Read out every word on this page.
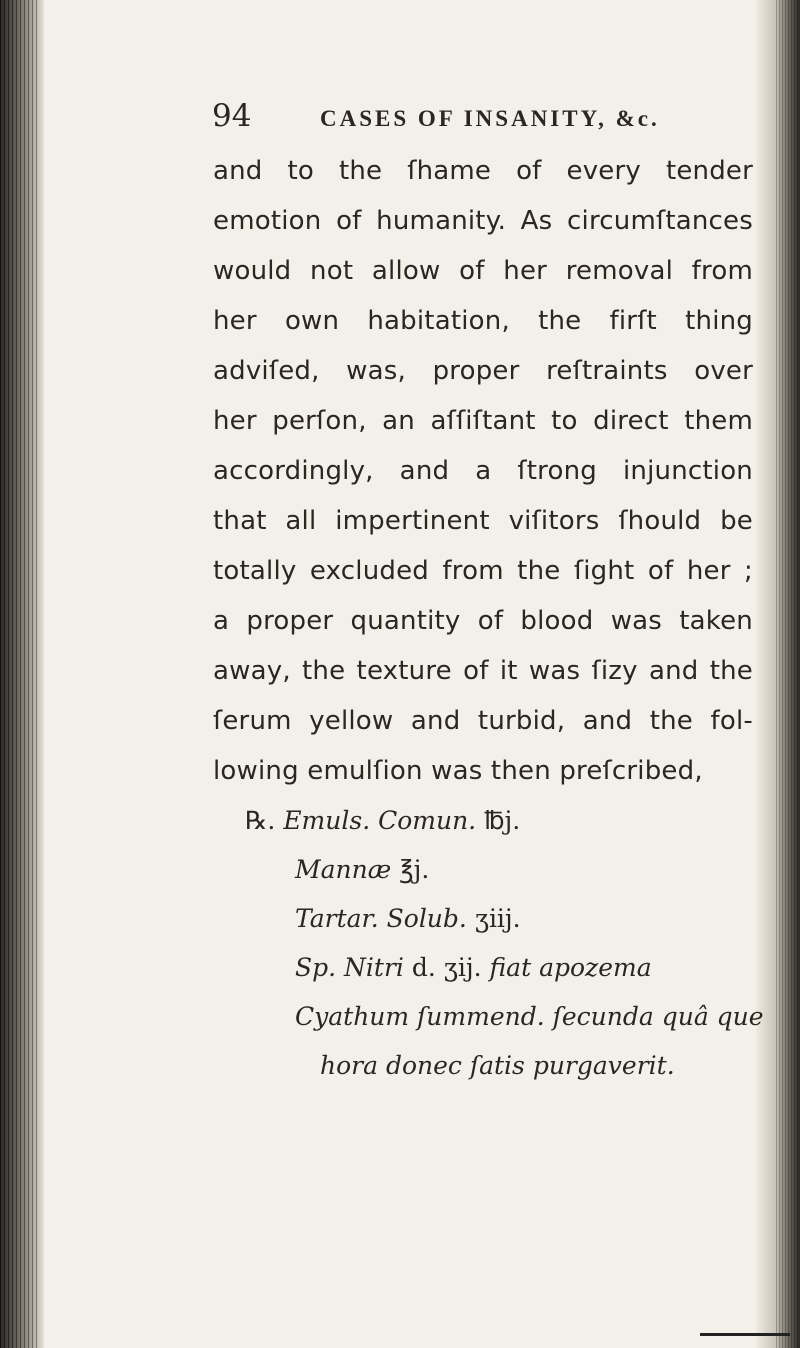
94	CASES OF INSANITY, &c.
and to the ſhame of every tender
emotion of humanity. As circumſtances
would not allow of her removal from
her own habitation, the firſt thing
adviſed, was, proper reſtraints over
her perſon, an aſſiſtant to direct them
accordingly, and a ſtrong injunction
that all impertinent viſitors ſhould be
totally excluded from the ſight of her ;
a proper quantity of blood was taken
away, the texture of it was ſizy and the
ſerum yellow and turbid, and the fol-
lowing emulſion was then preſcribed,
℞. Emuls. Comun. ℔j.
Mannæ ℥j.
Tartar. Solub. ʒiij.
Sp. Nitri d. ʒij. fiat apozema
Cyathum ſummend. ſecunda quâ que
hora donec ſatis purgaverit.
